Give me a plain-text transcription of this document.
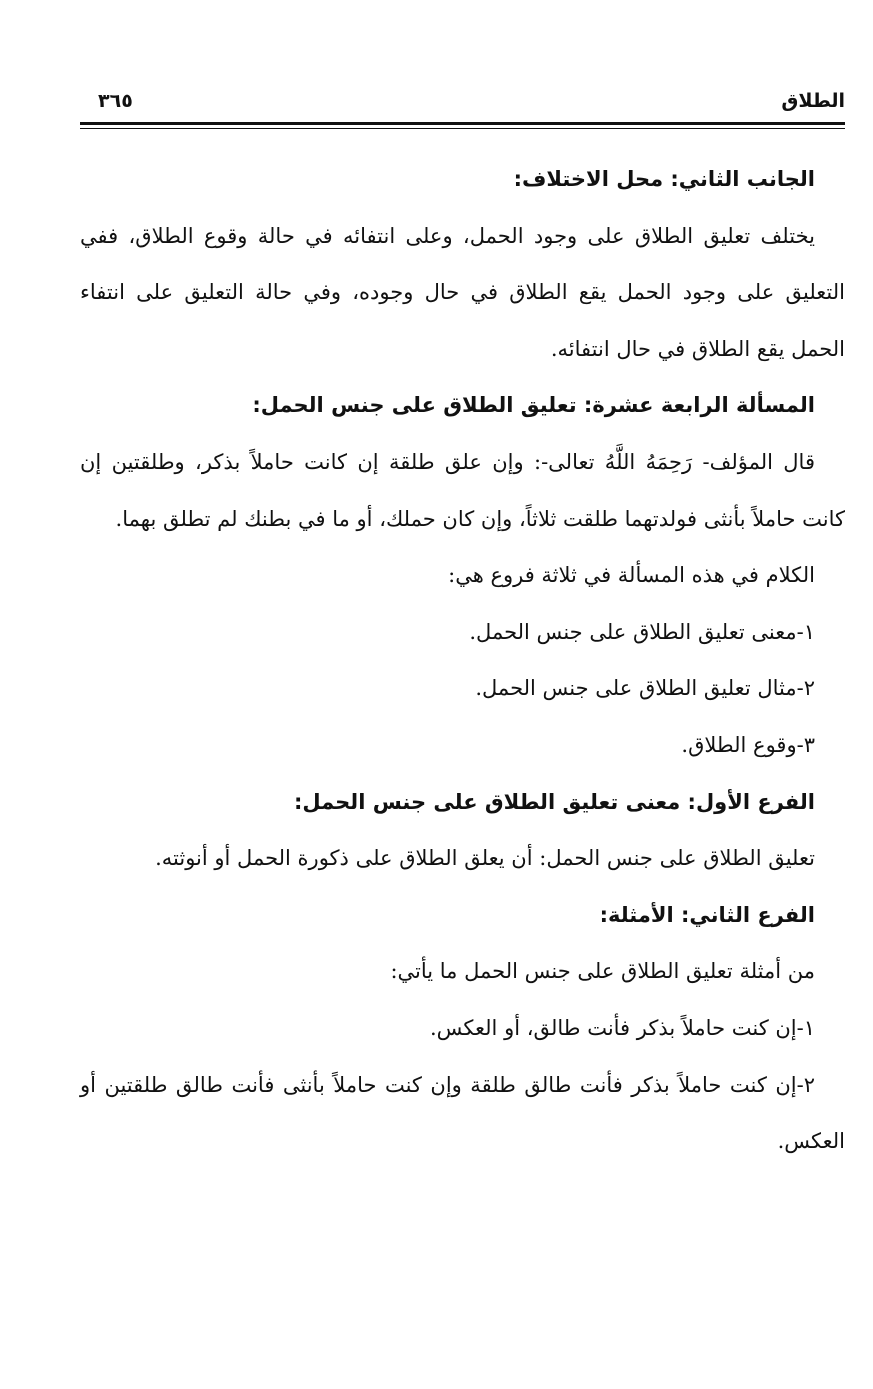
الطلاق
٣٦٥

الجانب الثاني: محل الاختلاف:

يختلف تعليق الطلاق على وجود الحمل، وعلى انتفائه في حالة وقوع الطلاق، ففي التعليق على وجود الحمل يقع الطلاق في حال وجوده، وفي حالة التعليق على انتفاء الحمل يقع الطلاق في حال انتفائه.

المسألة الرابعة عشرة: تعليق الطلاق على جنس الحمل:

قال المؤلف- رَحِمَهُ اللَّهُ تعالى-: وإن علق طلقة إن كانت حاملاً بذكر، وطلقتين إن كانت حاملاً بأنثى فولدتهما طلقت ثلاثاً، وإن كان حملك، أو ما في بطنك لم تطلق بهما.

الكلام في هذه المسألة في ثلاثة فروع هي:

١-معنى تعليق الطلاق على جنس الحمل.

٢-مثال تعليق الطلاق على جنس الحمل.

٣-وقوع الطلاق.

الفرع الأول: معنى تعليق الطلاق على جنس الحمل:

تعليق الطلاق على جنس الحمل: أن يعلق الطلاق على ذكورة الحمل أو أنوثته.

الفرع الثاني: الأمثلة:

من أمثلة تعليق الطلاق على جنس الحمل ما يأتي:

١-إن كنت حاملاً بذكر فأنت طالق، أو العكس.

٢-إن كنت حاملاً بذكر فأنت طالق طلقة وإن كنت حاملاً بأنثى فأنت طالق طلقتين أو العكس.
